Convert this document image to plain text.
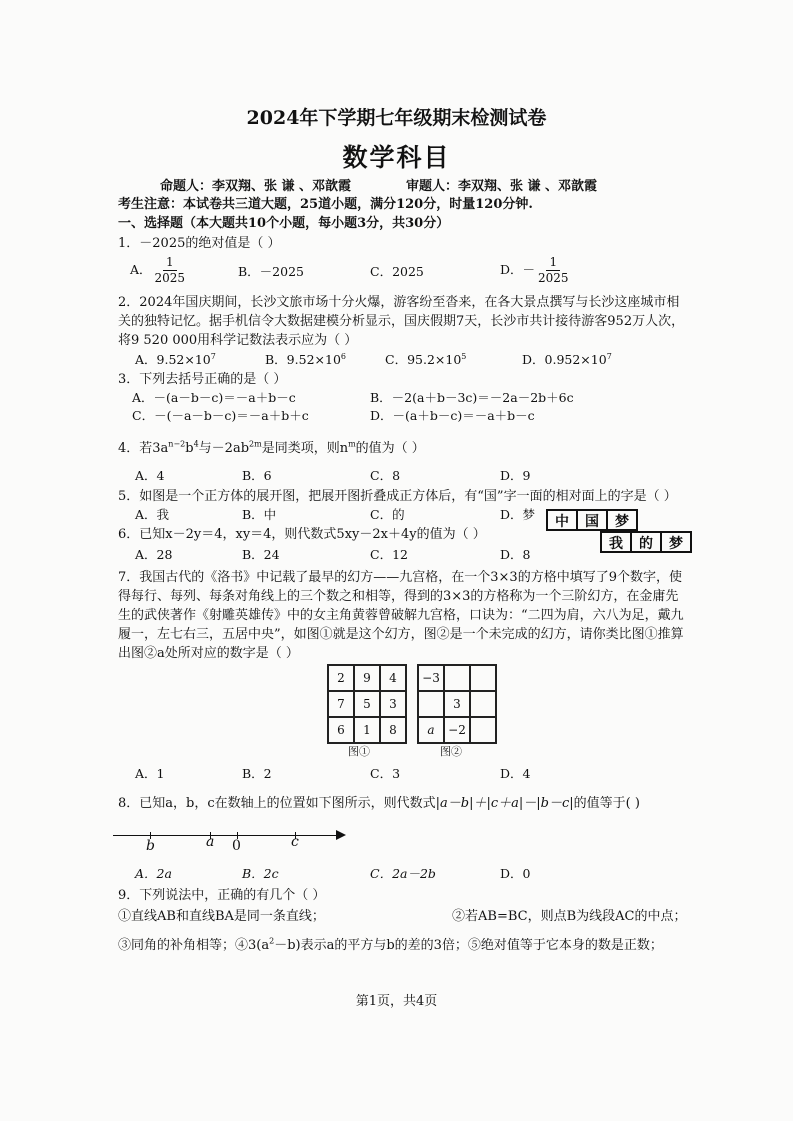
2024年下学期七年级期末检测试卷
数学科目
命题人：李双翔、张 谦 、邓歆霞	审题人：李双翔、张 谦 、邓歆霞
考生注意：本试卷共三道大题，25道小题，满分120分，时量120分钟.
一、选择题（本大题共10个小题，每小题3分，共30分）
1．－2025的绝对值是（ ）
A． $\frac{1}{2025}$	B．－2025	C．2025	D．－ $\frac{1}{2025}$
2．2024年国庆期间，长沙文旅市场十分火爆，游客纷至沓来，在各大景点撰写与长沙这座城市相
关的独特记忆。据手机信令大数据建模分析显示，国庆假期7天，长沙市共计接待游客952万人次，
将9 520 000用科学记数法表示应为（ ）
A．$9.52\times 10^7$	B．$9.52\times 10^6$	C．$95.2\times 10^5$	D．$0.952\times 10^7$
3．下列去括号正确的是（ ）
A．－(a－b－c)＝－a＋b－c	B．－2(a＋b－3c)＝－2a－2b＋6c
C．－(－a－b－c)＝－a＋b＋c	D．－(a＋b－c)＝－a＋b－c
4．若$3a^{n-2}b^4$与$-2ab^{2m}$是同类项，则$n^m$的值为（ ）
A．4	B．6	C．8	D．9
5．如图是一个正方体的展开图，把展开图折叠成正方体后，有“国”字一面的相对面上的字是（ ）
A．我	B．中	C．的	D．梦	中	国	梦
我	的	梦
6．已知x－2y＝4，xy＝4，则代数式5xy－2x＋4y的值为（ ）
A．28	B．24	C．12	D．8
7．我国古代的《洛书》中记载了最早的幻方——九宫格，在一个3×3的方格中填写了9个数字，使
得每行、每列、每条对角线上的三个数之和相等，得到的3×3的方格称为一个三阶幻方，在金庸先
生的武侠著作《射雕英雄传》中的女主角黄蓉曾破解九宫格，口诀为：“二四为肩，六八为足，戴九
履一，左七右三，五居中央”，如图①就是这个幻方，图②是一个未完成的幻方，请你类比图①推算
出图②a处所对应的数字是（ ）
2	9	4
7	5	3
6	1	8
图①
−3		
	3	
a	−2	
图②
A．1	B．2	C．3	D．4
8．已知a，b，c在数轴上的位置如下图所示，则代数式|a－b|＋|c＋a|－|b－c|的值等于( )
b	a 0	c
A．2a	B．2c	C．2a－2b	D．0
9．下列说法中，正确的有几个（ ）
①直线AB和直线BA是同一条直线；	②若AB=BC，则点B为线段AC的中点；
③同角的补角相等；$④3(a^2-b)$表示a的平方与b的差的3倍；⑤绝对值等于它本身的数是正数；
第1页，共4页
